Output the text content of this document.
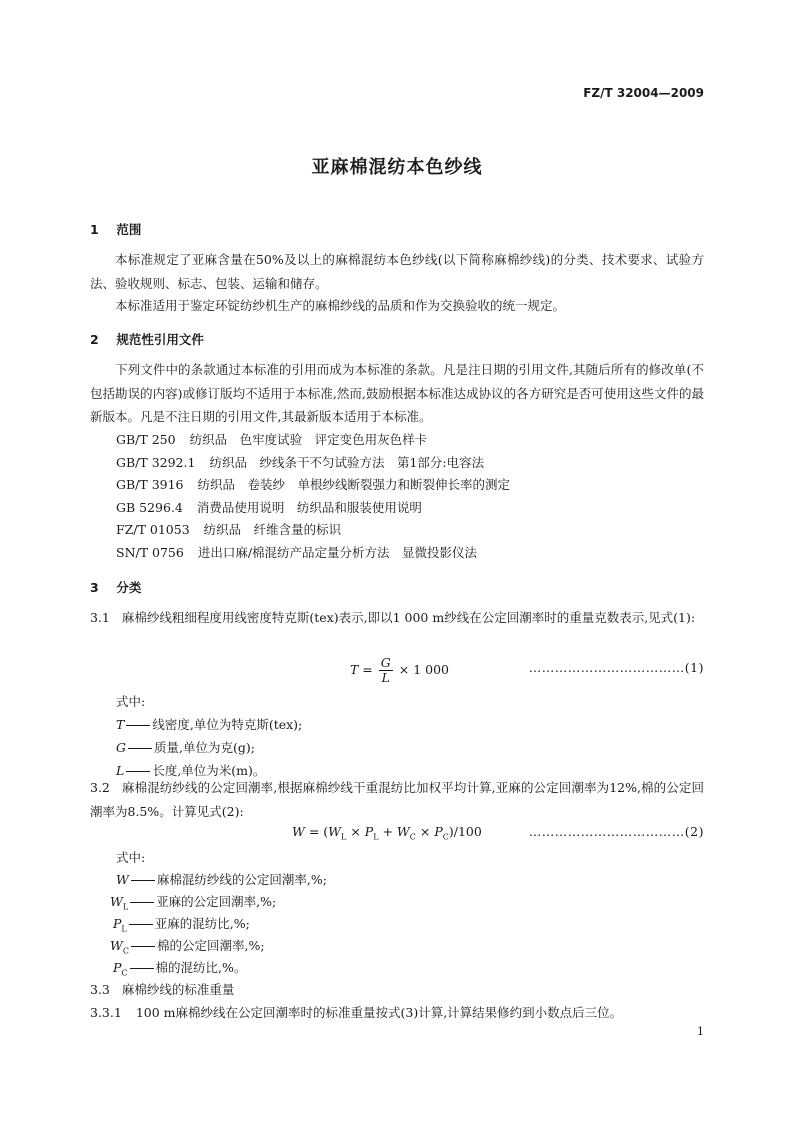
FZ/T 32004—2009
亚麻棉混纺本色纱线
1 范围
本标准规定了亚麻含量在50%及以上的麻棉混纺本色纱线(以下简称麻棉纱线)的分类、技术要求、试验方法、验收规则、标志、包装、运输和储存。
本标准适用于鉴定环锭纺纱机生产的麻棉纱线的品质和作为交换验收的统一规定。
2 规范性引用文件
下列文件中的条款通过本标准的引用而成为本标准的条款。凡是注日期的引用文件,其随后所有的修改单(不包括勘误的内容)或修订版均不适用于本标准,然而,鼓励根据本标准达成协议的各方研究是否可使用这些文件的最新版本。凡是不注日期的引用文件,其最新版本适用于本标准。
GB/T 250 纺织品　色牢度试验　评定变色用灰色样卡
GB/T 3292.1 纺织品　纱线条干不匀试验方法　第1部分:电容法
GB/T 3916 纺织品　卷装纱　单根纱线断裂强力和断裂伸长率的测定
GB 5296.4 消费品使用说明　纺织品和服装使用说明
FZ/T 01053 纺织品　纤维含量的标识
SN/T 0756 进出口麻/棉混纺产品定量分析方法　显微投影仪法
3 分类
3.1 麻棉纱线粗细程度用线密度特克斯(tex)表示,即以1 000 m纱线在公定回潮率时的重量克数表示,见式(1):
$T = \frac{G}{L} \times 1$ 000	………………………………(1)
式中:
T 线密度,单位为特克斯(tex);
G 质量,单位为克(g);
L 长度,单位为米(m)。
3.2 麻棉混纺纱线的公定回潮率,根据麻棉纱线干重混纺比加权平均计算,亚麻的公定回潮率为12%,棉的公定回潮率为8.5%。计算见式(2):
$W = (W_L \times P_L + W_C \times P_C)/100$	………………………………(2)
式中:
W 麻棉混纺纱线的公定回潮率,%;
$W_L$ 亚麻的公定回潮率,%;
$P_L$ 亚麻的混纺比,%;
$W_C$ 棉的公定回潮率,%;
$P_C$ 棉的混纺比,%。
3.3 麻棉纱线的标准重量
3.3.1 100 m麻棉纱线在公定回潮率时的标准重量按式(3)计算,计算结果修约到小数点后三位。
1
